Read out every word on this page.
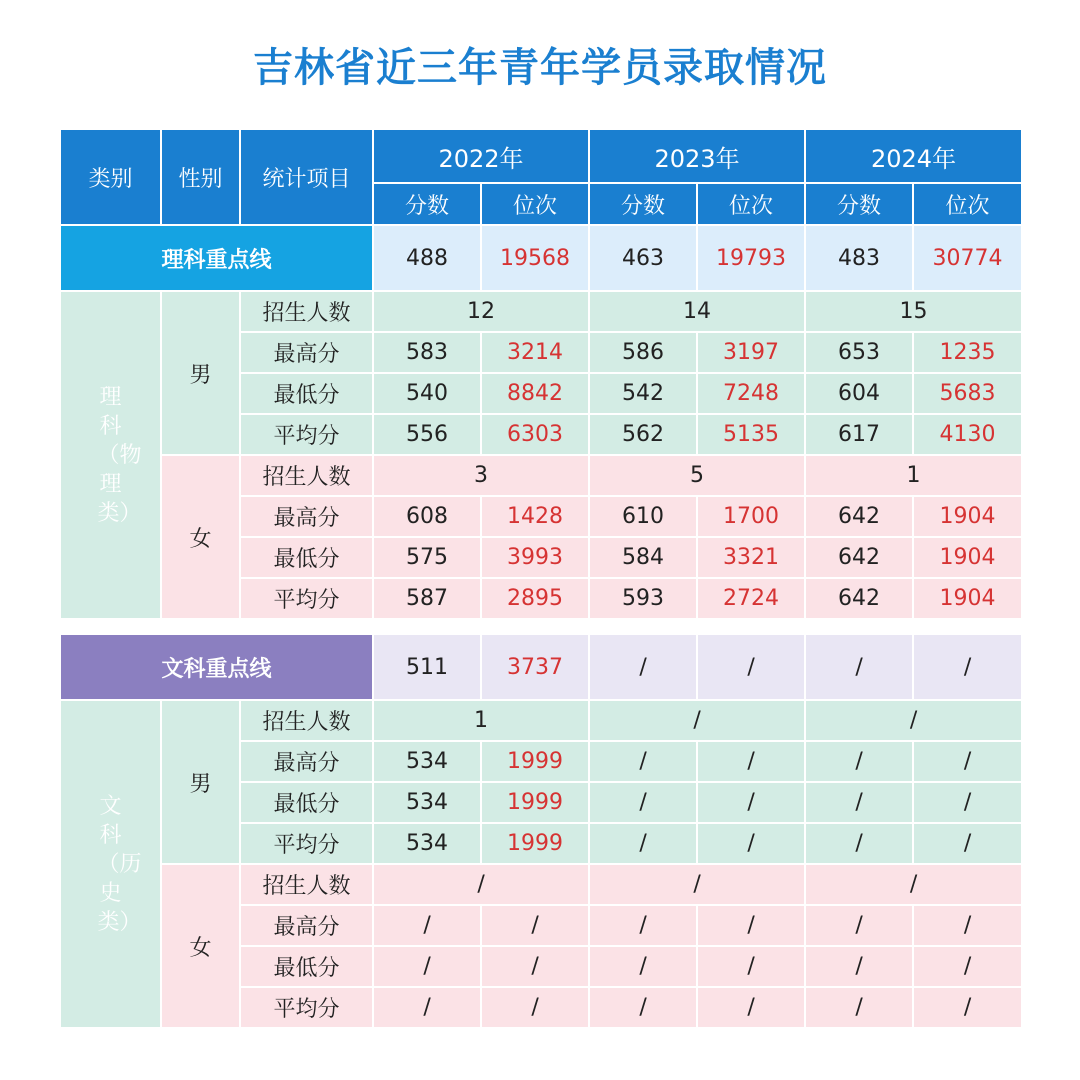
吉林省近三年青年学员录取情况
类别	性别	统计项目	2022年		2023年		2024年	
			分数	位次	分数	位次	分数	位次
理科重点线			488	19568	463	19793	483	30774
理科（物理类）	男	招生人数	12		14		15	
		最高分	583	3214	586	3197	653	1235
		最低分	540	8842	542	7248	604	5683
		平均分	556	6303	562	5135	617	4130
	女	招生人数	3		5		1	
		最高分	608	1428	610	1700	642	1904
		最低分	575	3993	584	3321	642	1904
		平均分	587	2895	593	2724	642	1904
文科重点线			511	3737	/	/	/	/
文科（历史类）	男	招生人数	1		/		/	
		最高分	534	1999	/	/	/	/
		最低分	534	1999	/	/	/	/
		平均分	534	1999	/	/	/	/
	女	招生人数	/		/		/	
		最高分	/	/	/	/	/	/
		最低分	/	/	/	/	/	/
		平均分	/	/	/	/	/	/
